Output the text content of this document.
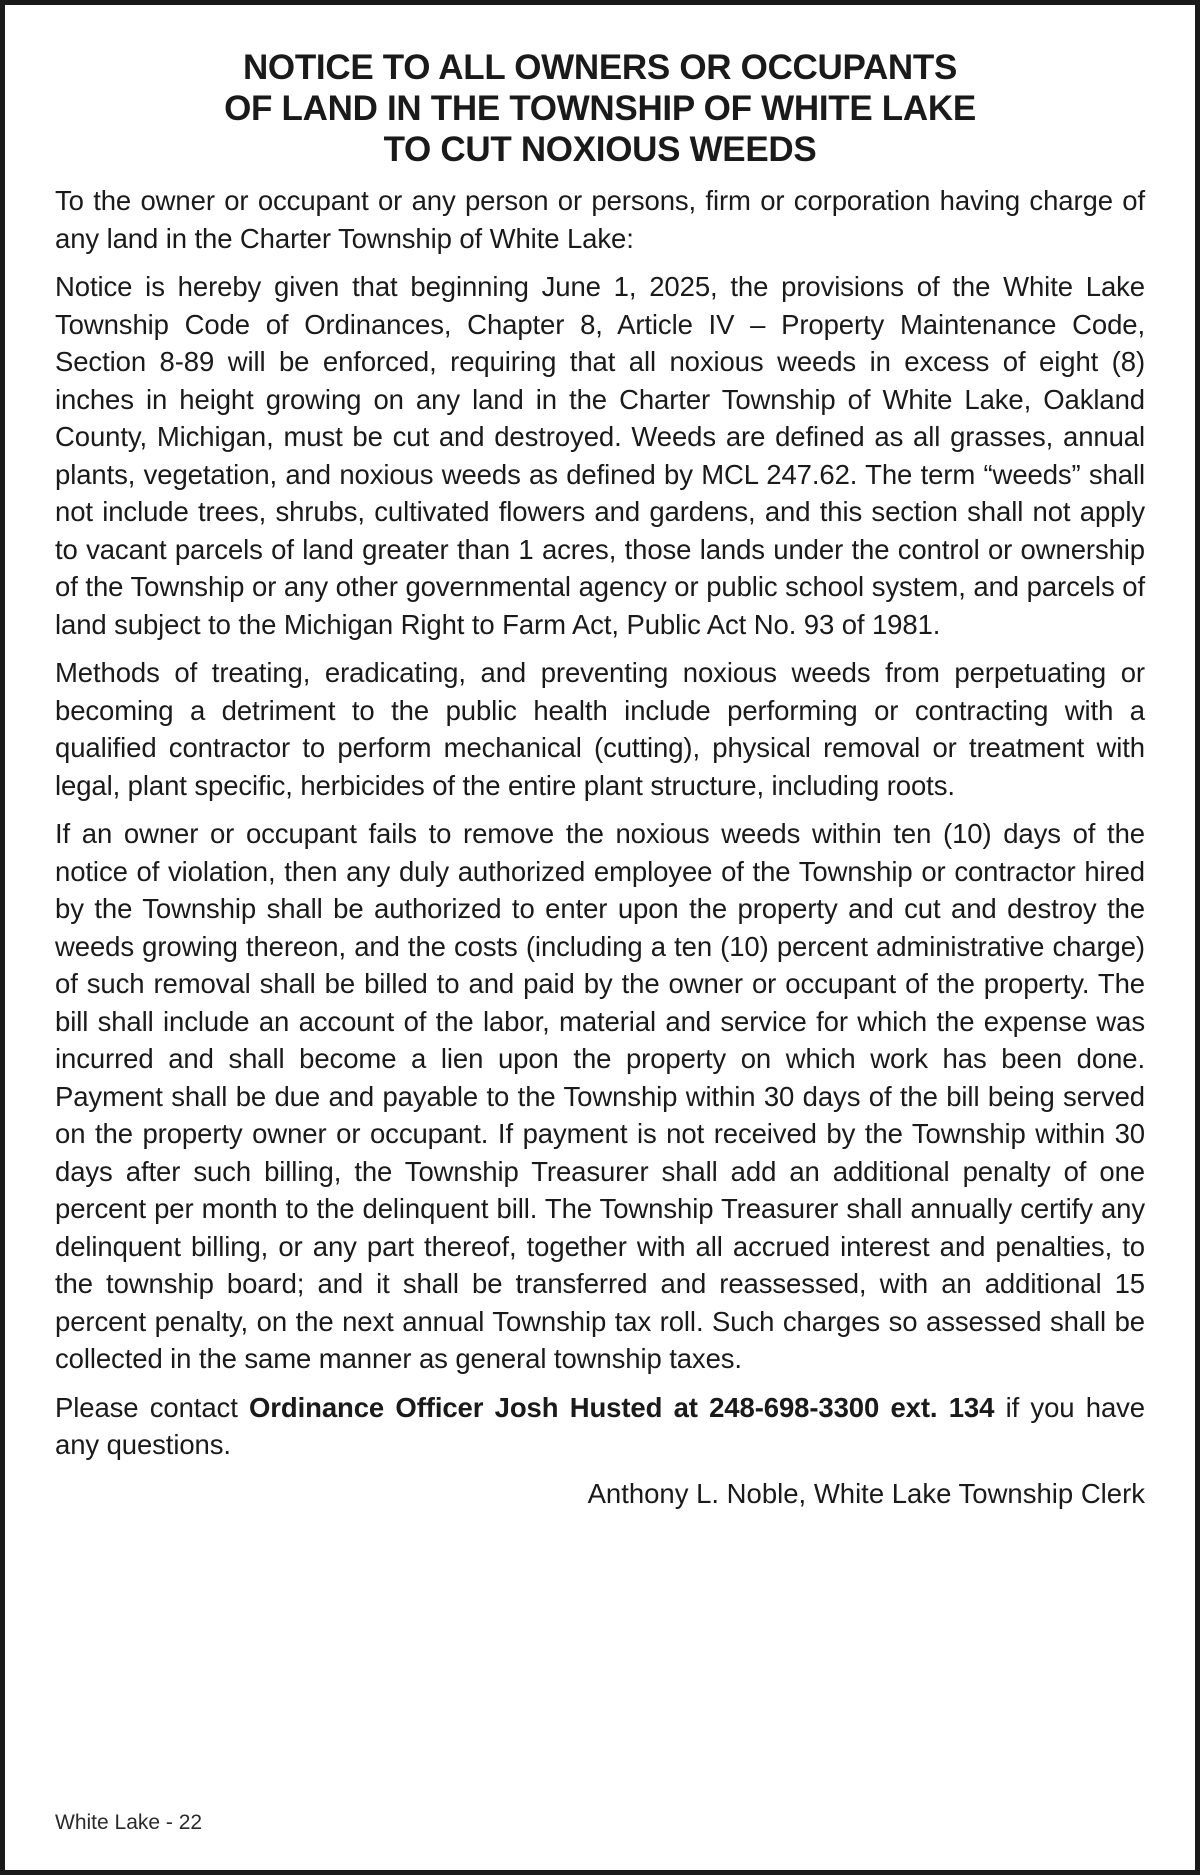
NOTICE TO ALL OWNERS OR OCCUPANTS
OF LAND IN THE TOWNSHIP OF WHITE LAKE
TO CUT NOXIOUS WEEDS

To the owner or occupant or any person or persons, firm or corporation having charge of any land in the Charter Township of White Lake:

Notice is hereby given that beginning June 1, 2025, the provisions of the White Lake Township Code of Ordinances, Chapter 8, Article IV – Property Maintenance Code, Section 8-89 will be enforced, requiring that all noxious weeds in excess of eight (8) inches in height growing on any land in the Charter Township of White Lake, Oakland County, Michigan, must be cut and destroyed. Weeds are defined as all grasses, annual plants, vegetation, and noxious weeds as defined by MCL 247.62. The term “weeds” shall not include trees, shrubs, cultivated flowers and gardens, and this section shall not apply to vacant parcels of land greater than 1 acres, those lands under the control or ownership of the Township or any other governmental agency or public school system, and parcels of land subject to the Michigan Right to Farm Act, Public Act No. 93 of 1981.

Methods of treating, eradicating, and preventing noxious weeds from perpetuating or becoming a detriment to the public health include performing or contracting with a qualified contractor to perform mechanical (cutting), physical removal or treatment with legal, plant specific, herbicides of the entire plant structure, including roots.

If an owner or occupant fails to remove the noxious weeds within ten (10) days of the notice of violation, then any duly authorized employee of the Township or contractor hired by the Township shall be authorized to enter upon the property and cut and destroy the weeds growing thereon, and the costs (including a ten (10) percent administrative charge) of such removal shall be billed to and paid by the owner or occupant of the property. The bill shall include an account of the labor, material and service for which the expense was incurred and shall become a lien upon the property on which work has been done. Payment shall be due and payable to the Township within 30 days of the bill being served on the property owner or occupant. If payment is not received by the Township within 30 days after such billing, the Township Treasurer shall add an additional penalty of one percent per month to the delinquent bill. The Township Treasurer shall annually certify any delinquent billing, or any part thereof, together with all accrued interest and penalties, to the township board; and it shall be transferred and reassessed, with an additional 15 percent penalty, on the next annual Township tax roll. Such charges so assessed shall be collected in the same manner as general township taxes.

Please contact Ordinance Officer Josh Husted at 248-698-3300 ext. 134 if you have any questions.

Anthony L. Noble, White Lake Township Clerk

White Lake - 22
